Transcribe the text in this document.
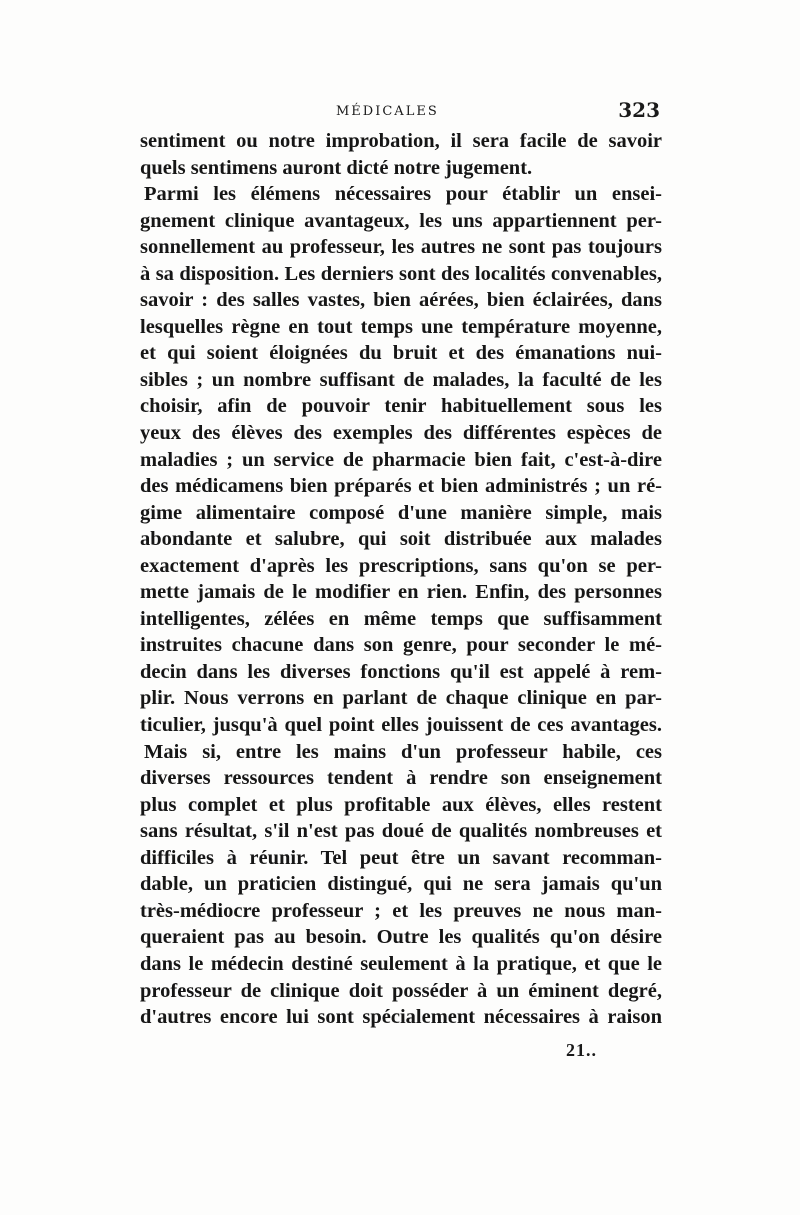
MÉDICALES	323
sentiment ou notre improbation, il sera facile de savoir
quels sentimens auront dicté notre jugement.
Parmi les élémens nécessaires pour établir un ensei-
gnement clinique avantageux, les uns appartiennent per-
sonnellement au professeur, les autres ne sont pas toujours
à sa disposition. Les derniers sont des localités convenables,
savoir : des salles vastes, bien aérées, bien éclairées, dans
lesquelles règne en tout temps une température moyenne,
et qui soient éloignées du bruit et des émanations nui-
sibles ; un nombre suffisant de malades, la faculté de les
choisir, afin de pouvoir tenir habituellement sous les
yeux des élèves des exemples des différentes espèces de
maladies ; un service de pharmacie bien fait, c'est-à-dire
des médicamens bien préparés et bien administrés ; un ré-
gime alimentaire composé d'une manière simple, mais
abondante et salubre, qui soit distribuée aux malades
exactement d'après les prescriptions, sans qu'on se per-
mette jamais de le modifier en rien. Enfin, des personnes
intelligentes, zélées en même temps que suffisamment
instruites chacune dans son genre, pour seconder le mé-
decin dans les diverses fonctions qu'il est appelé à rem-
plir. Nous verrons en parlant de chaque clinique en par-
ticulier, jusqu'à quel point elles jouissent de ces avantages.
Mais si, entre les mains d'un professeur habile, ces
diverses ressources tendent à rendre son enseignement
plus complet et plus profitable aux élèves, elles restent
sans résultat, s'il n'est pas doué de qualités nombreuses et
difficiles à réunir. Tel peut être un savant recomman-
dable, un praticien distingué, qui ne sera jamais qu'un
très-médiocre professeur ; et les preuves ne nous man-
queraient pas au besoin. Outre les qualités qu'on désire
dans le médecin destiné seulement à la pratique, et que le
professeur de clinique doit posséder à un éminent degré,
d'autres encore lui sont spécialement nécessaires à raison
21..
